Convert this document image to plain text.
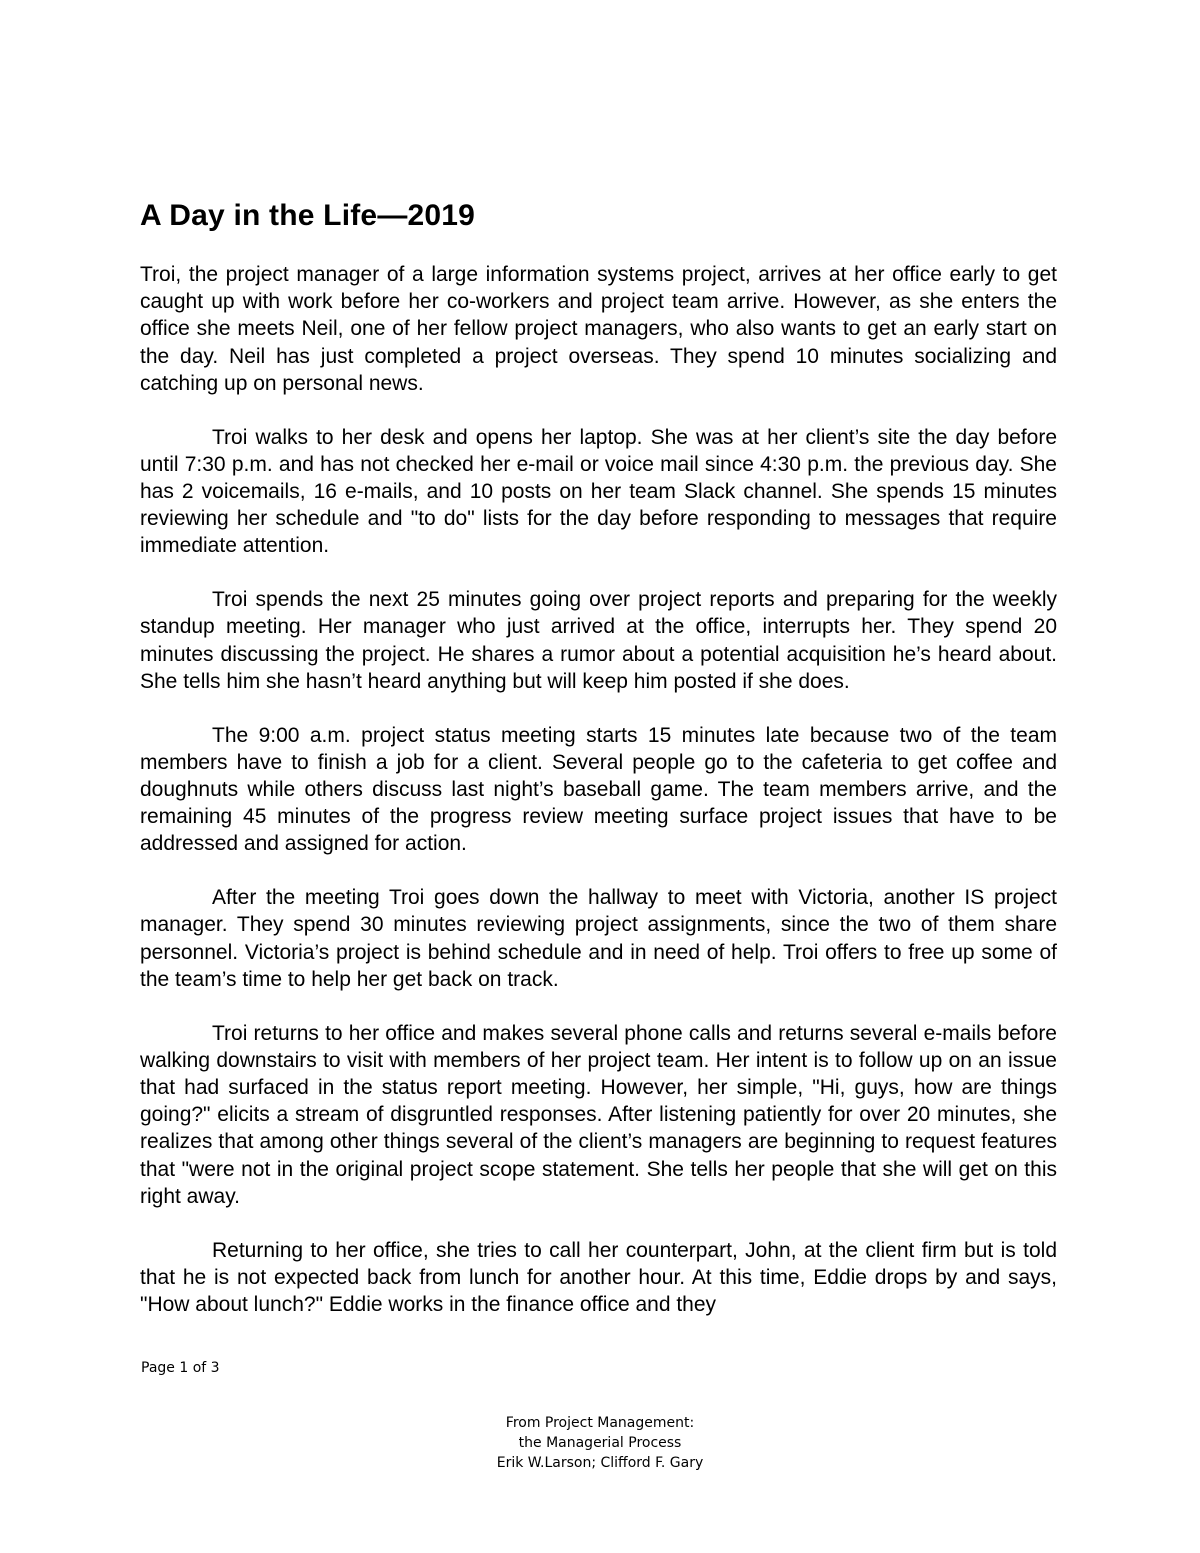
A Day in the Life—2019

Troi, the project manager of a large information systems project, arrives at her office early to get caught up with work before her co-workers and project team arrive. However, as she enters the office she meets Neil, one of her fellow project managers, who also wants to get an early start on the day. Neil has just completed a project overseas. They spend 10 minutes socializing and catching up on personal news.

Troi walks to her desk and opens her laptop. She was at her client’s site the day before until 7:30 p.m. and has not checked her e-mail or voice mail since 4:30 p.m. the previous day. She has 2 voicemails, 16 e-mails, and 10 posts on her team Slack channel. She spends 15 minutes reviewing her schedule and "to do" lists for the day before responding to messages that require immediate attention.

Troi spends the next 25 minutes going over project reports and preparing for the weekly standup meeting. Her manager who just arrived at the office, interrupts her. They spend 20 minutes discussing the project. He shares a rumor about a potential acquisition he’s heard about. She tells him she hasn’t heard anything but will keep him posted if she does.

The 9:00 a.m. project status meeting starts 15 minutes late because two of the team members have to finish a job for a client. Several people go to the cafeteria to get coffee and doughnuts while others discuss last night’s baseball game. The team members arrive, and the remaining 45 minutes of the progress review meeting surface project issues that have to be addressed and assigned for action.

After the meeting Troi goes down the hallway to meet with Victoria, another IS project manager. They spend 30 minutes reviewing project assignments, since the two of them share personnel. Victoria’s project is behind schedule and in need of help. Troi offers to free up some of the team’s time to help her get back on track.

Troi returns to her office and makes several phone calls and returns several e-mails before walking downstairs to visit with members of her project team. Her intent is to follow up on an issue that had surfaced in the status report meeting. However, her simple, "Hi, guys, how are things going?" elicits a stream of disgruntled responses. After listening patiently for over 20 minutes, she realizes that among other things several of the client’s managers are beginning to request features that "were not in the original project scope statement. She tells her people that she will get on this right away.

Returning to her office, she tries to call her counterpart, John, at the client firm but is told that he is not expected back from lunch for another hour. At this time, Eddie drops by and says, "How about lunch?" Eddie works in the finance office and they

Page 1 of 3
From Project Management:
the Managerial Process
Erik W.Larson; Clifford F. Gary
